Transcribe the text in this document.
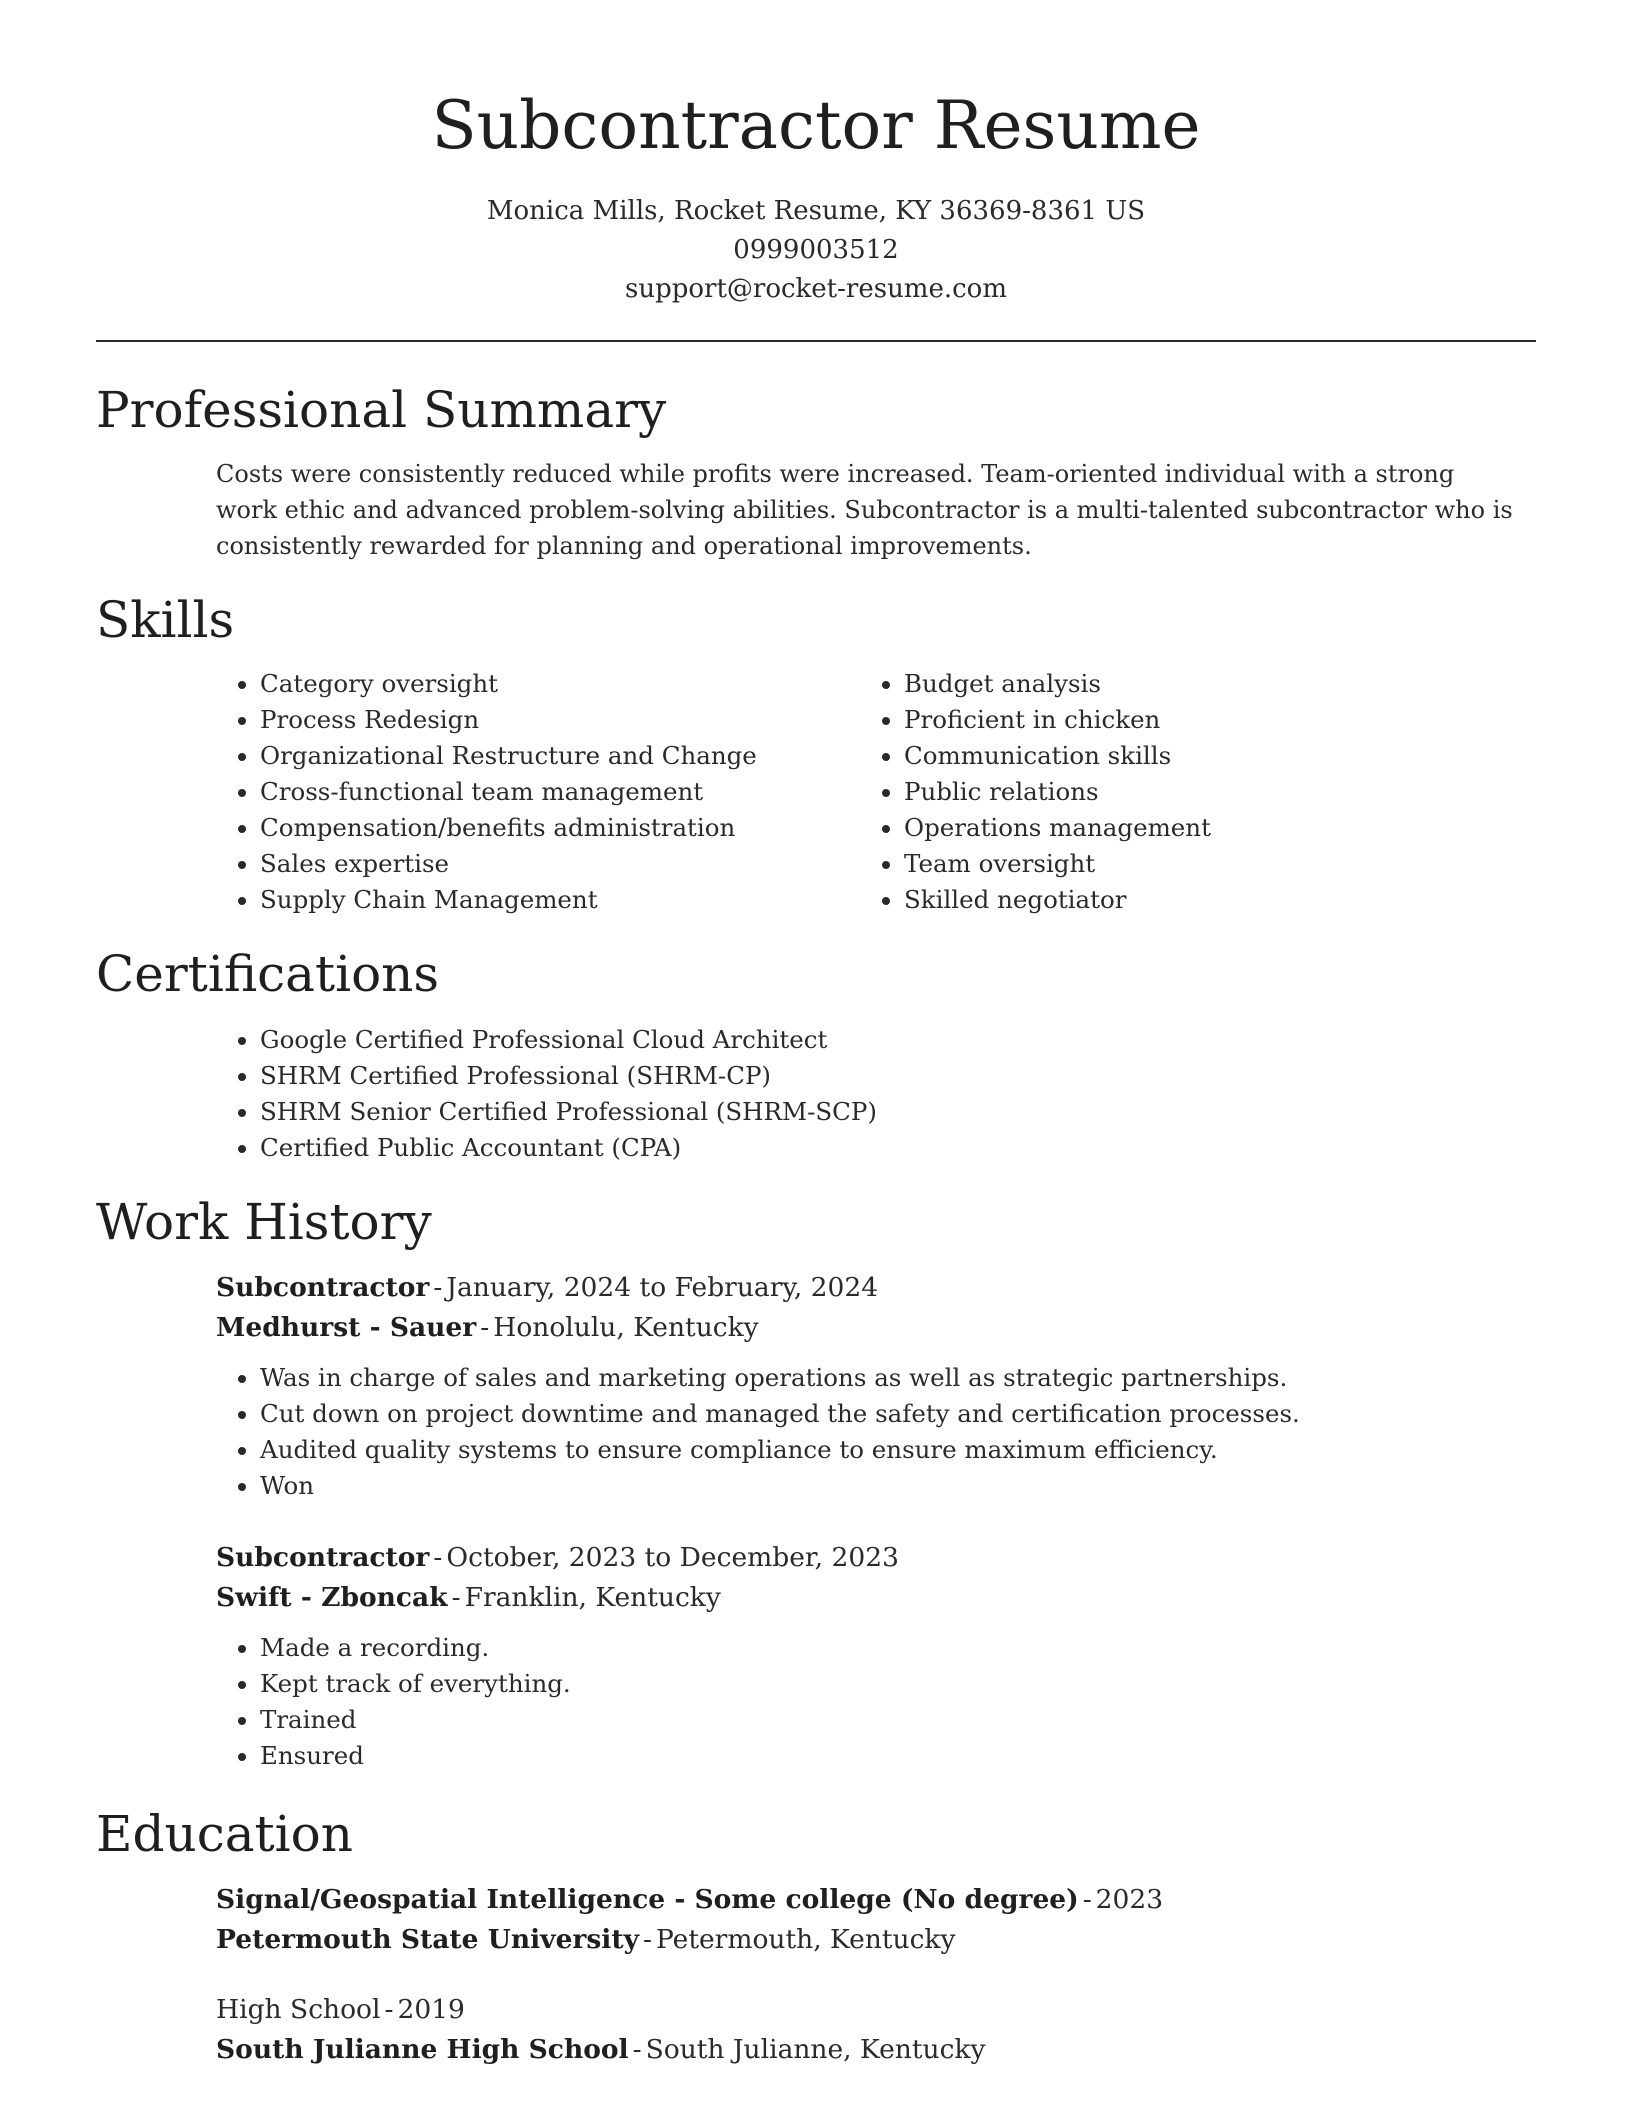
Subcontractor Resume
Monica Mills, Rocket Resume, KY 36369-8361 US
0999003512
support@rocket-resume.com
Professional Summary

Costs were consistently reduced while profits were increased. Team-oriented individual with a strong work ethic and advanced problem-solving abilities. Subcontractor is a multi-talented subcontractor who is consistently rewarded for planning and operational improvements.

Skills
• Category oversight
• Process Redesign
• Organizational Restructure and Change
• Cross-functional team management
• Compensation/benefits administration
• Sales expertise
• Supply Chain Management
• Budget analysis
• Proficient in chicken
• Communication skills
• Public relations
• Operations management
• Team oversight
• Skilled negotiator
Certifications
• Google Certified Professional Cloud Architect
• SHRM Certified Professional (SHRM-CP)
• SHRM Senior Certified Professional (SHRM-SCP)
• Certified Public Accountant (CPA)
Work History
Subcontractor - January, 2024 to February, 2024
Medhurst - Sauer - Honolulu, Kentucky
• Was in charge of sales and marketing operations as well as strategic partnerships.
• Cut down on project downtime and managed the safety and certification processes.
• Audited quality systems to ensure compliance to ensure maximum efficiency.
• Won
Subcontractor - October, 2023 to December, 2023
Swift - Zboncak - Franklin, Kentucky
• Made a recording.
• Kept track of everything.
• Trained
• Ensured
Education
Signal/Geospatial Intelligence - Some college (No degree) - 2023
Petermouth State University - Petermouth, Kentucky
High School - 2019
South Julianne High School - South Julianne, Kentucky
